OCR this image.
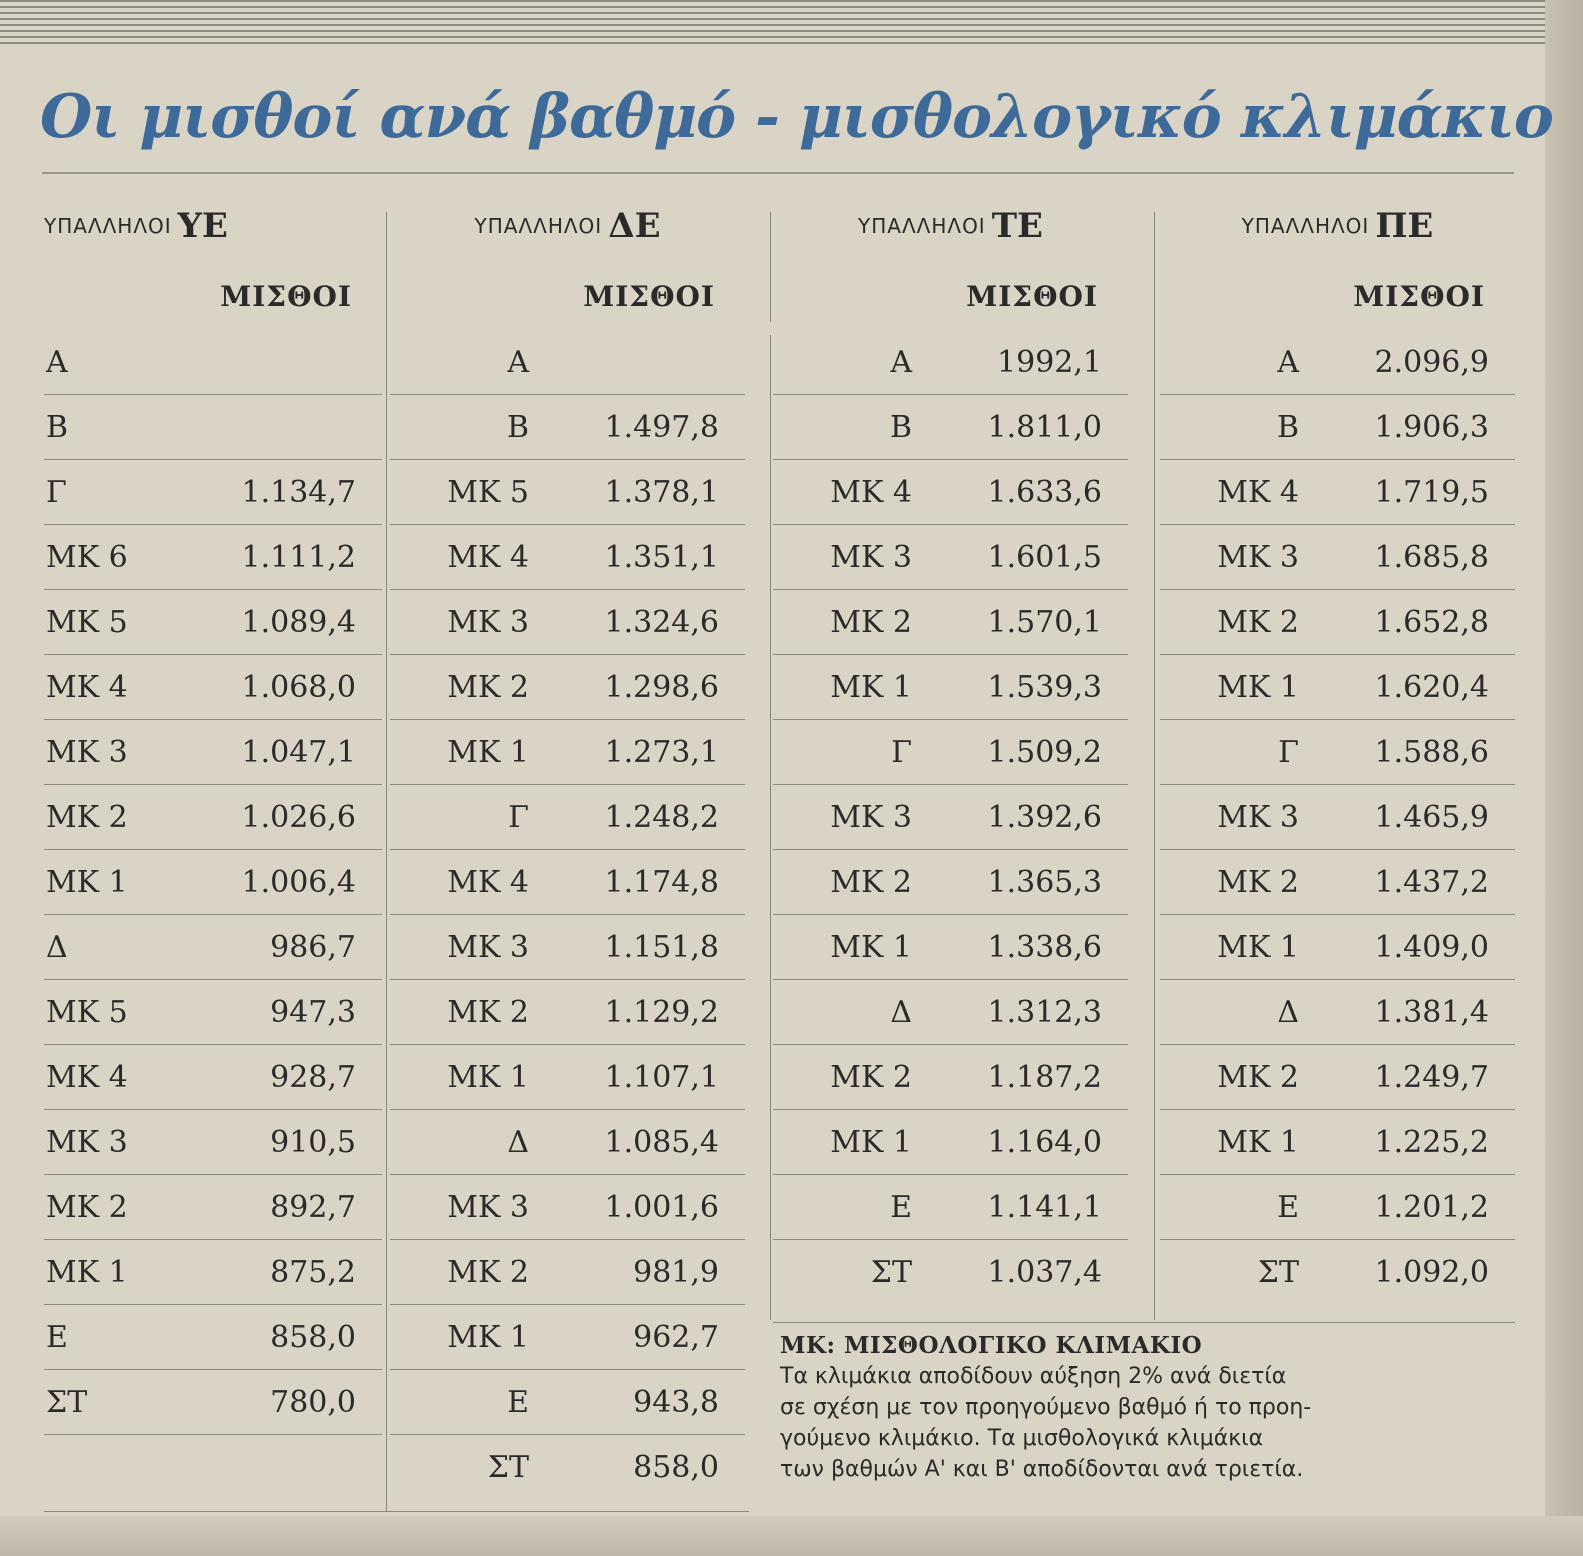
Οι μισθοί ανά βαθμό - μισθολογικό κλιμάκιο
ΥΠΑΛΛΗΛΟΙ ΥΕ
ΜΙΣΘΟΙ
Α
Β
Γ	1.134,7
ΜΚ 6	1.111,2
ΜΚ 5	1.089,4
ΜΚ 4	1.068,0
ΜΚ 3	1.047,1
ΜΚ 2	1.026,6
ΜΚ 1	1.006,4
Δ	986,7
ΜΚ 5	947,3
ΜΚ 4	928,7
ΜΚ 3	910,5
ΜΚ 2	892,7
ΜΚ 1	875,2
Ε	858,0
ΣΤ	780,0
ΥΠΑΛΛΗΛΟΙ ΔΕ
ΜΙΣΘΟΙ
Α
Β	1.497,8
ΜΚ 5	1.378,1
ΜΚ 4	1.351,1
ΜΚ 3	1.324,6
ΜΚ 2	1.298,6
ΜΚ 1	1.273,1
Γ	1.248,2
ΜΚ 4	1.174,8
ΜΚ 3	1.151,8
ΜΚ 2	1.129,2
ΜΚ 1	1.107,1
Δ	1.085,4
ΜΚ 3	1.001,6
ΜΚ 2	981,9
ΜΚ 1	962,7
Ε	943,8
ΣΤ	858,0
ΥΠΑΛΛΗΛΟΙ ΤΕ
ΜΙΣΘΟΙ
Α	1992,1
Β	1.811,0
ΜΚ 4	1.633,6
ΜΚ 3	1.601,5
ΜΚ 2	1.570,1
ΜΚ 1	1.539,3
Γ	1.509,2
ΜΚ 3	1.392,6
ΜΚ 2	1.365,3
ΜΚ 1	1.338,6
Δ	1.312,3
ΜΚ 2	1.187,2
ΜΚ 1	1.164,0
Ε	1.141,1
ΣΤ	1.037,4
ΥΠΑΛΛΗΛΟΙ ΠΕ
ΜΙΣΘΟΙ
Α	2.096,9
Β	1.906,3
ΜΚ 4	1.719,5
ΜΚ 3	1.685,8
ΜΚ 2	1.652,8
ΜΚ 1	1.620,4
Γ	1.588,6
ΜΚ 3	1.465,9
ΜΚ 2	1.437,2
ΜΚ 1	1.409,0
Δ	1.381,4
ΜΚ 2	1.249,7
ΜΚ 1	1.225,2
Ε	1.201,2
ΣΤ	1.092,0
ΜΚ: ΜΙΣΘΟΛΟΓΙΚΟ ΚΛΙΜΑΚΙΟ
Τα κλιμάκια αποδίδουν αύξηση 2% ανά διετία
σε σχέση με τον προηγούμενο βαθμό ή το προη-
γούμενο κλιμάκιο. Τα μισθολογικά κλιμάκια
των βαθμών Α' και Β' αποδίδονται ανά τριετία.
